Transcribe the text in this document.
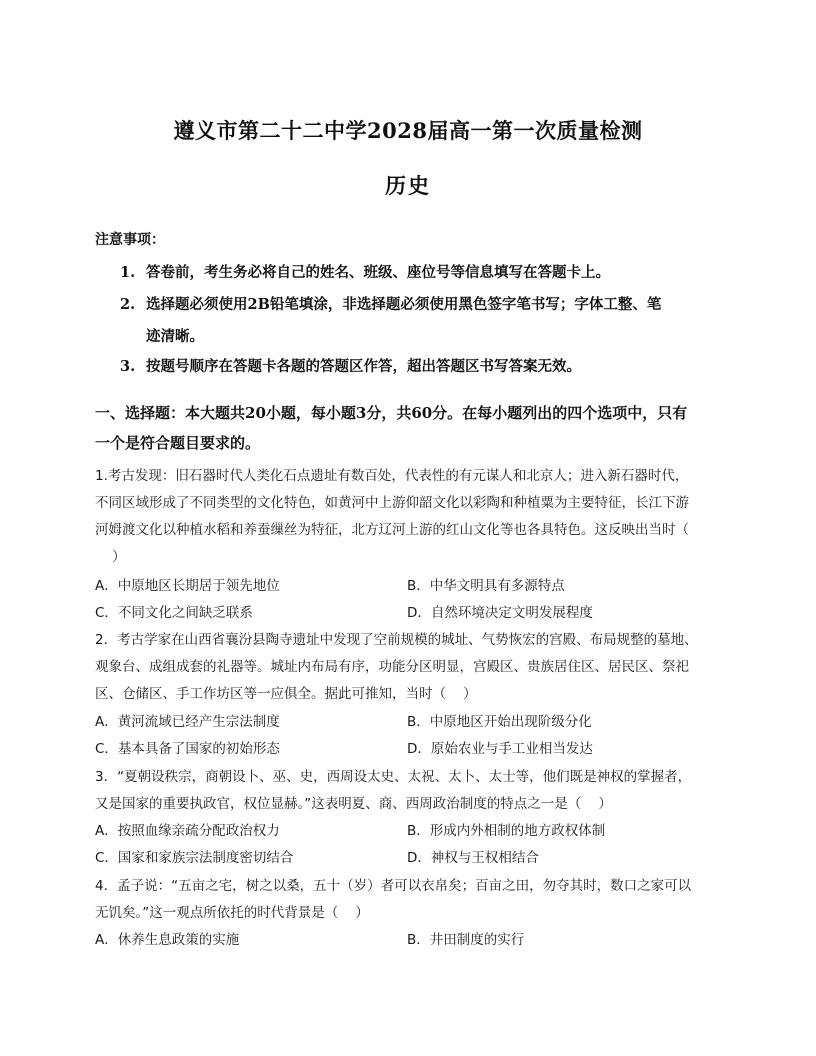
遵义市第二十二中学2028届高一第一次质量检测
历史
注意事项：
1. 答卷前，考生务必将自己的姓名、班级、座位号等信息填写在答题卡上。
2. 选择题必须使用2B铅笔填涂，非选择题必须使用黑色签字笔书写；字体工整、笔
迹清晰。
3. 按题号顺序在答题卡各题的答题区作答，超出答题区书写答案无效。
一、选择题：本大题共20小题，每小题3分，共60分。在每小题列出的四个选项中，只有
一个是符合题目要求的。
1.考古发现：旧石器时代人类化石点遗址有数百处，代表性的有元谋人和北京人；进入新石器时代，
不同区域形成了不同类型的文化特色，如黄河中上游仰韶文化以彩陶和种植粟为主要特征，长江下游
河姆渡文化以种植水稻和养蚕缫丝为特征，北方辽河上游的红山文化等也各具特色。这反映出当时（
）
A．中原地区长期居于领先地位	B．中华文明具有多源特点
C．不同文化之间缺乏联系	D．自然环境决定文明发展程度
2．考古学家在山西省襄汾县陶寺遗址中发现了空前规模的城址、气势恢宏的宫殿、布局规整的墓地、
观象台、成组成套的礼器等。城址内布局有序，功能分区明显，宫殿区、贵族居住区、居民区、祭祀
区、仓储区、手工作坊区等一应俱全。据此可推知，当时（    ）
A．黄河流域已经产生宗法制度	B．中原地区开始出现阶级分化
C．基本具备了国家的初始形态	D．原始农业与手工业相当发达
3．“夏朝设秩宗，商朝设卜、巫、史，西周设太史、太祝、太卜、太士等，他们既是神权的掌握者，
又是国家的重要执政官，权位显赫。”这表明夏、商、西周政治制度的特点之一是（    ）
A．按照血缘亲疏分配政治权力	B．形成内外相制的地方政权体制
C．国家和家族宗法制度密切结合	D．神权与王权相结合
4．孟子说：“五亩之宅，树之以桑，五十（岁）者可以衣帛矣；百亩之田，勿夺其时，数口之家可以
无饥矣。”这一观点所依托的时代背景是（    ）
A．休养生息政策的实施	B．井田制度的实行
